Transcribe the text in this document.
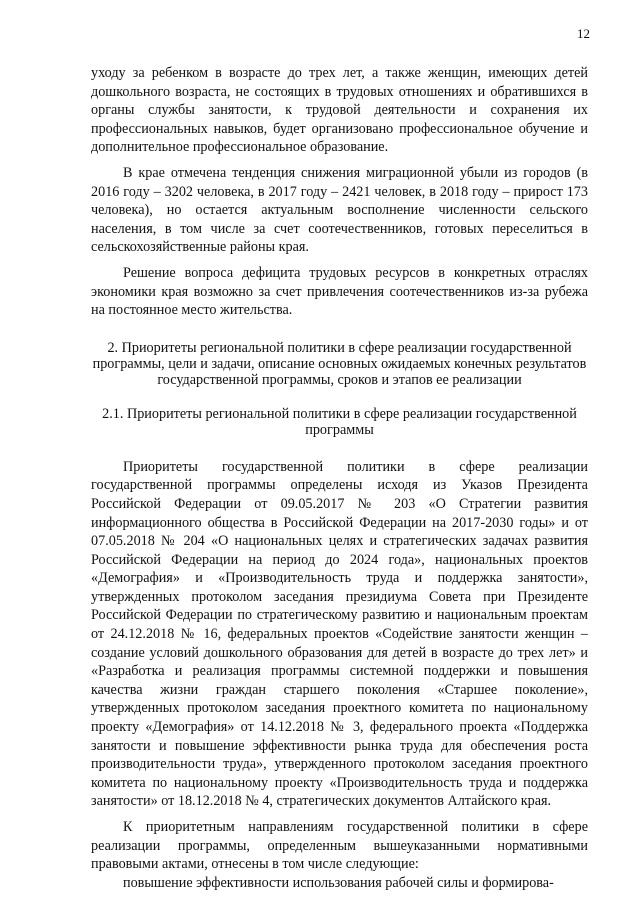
12

уходу за ребенком в возрасте до трех лет, а также женщин, имеющих детей дошкольного возраста, не состоящих в трудовых отношениях и обратившихся в органы службы занятости, к трудовой деятельности и сохранения их профессиональных навыков, будет организовано профессиональное обучение и дополнительное профессиональное образование.

В крае отмечена тенденция снижения миграционной убыли из городов (в 2016 году – 3202 человека, в 2017 году – 2421 человек, в 2018 году – прирост 173 человека), но остается актуальным восполнение численности сельского населения, в том числе за счет соотечественников, готовых переселиться в сельскохозяйственные районы края.

Решение вопроса дефицита трудовых ресурсов в конкретных отраслях экономики края возможно за счет привлечения соотечественников из-за рубежа на постоянное место жительства.

2. Приоритеты региональной политики в сфере реализации государственной программы, цели и задачи, описание основных ожидаемых конечных результатов государственной программы, сроков и этапов ее реализации

2.1. Приоритеты региональной политики в сфере реализации государственной программы

Приоритеты государственной политики в сфере реализации государственной программы определены исходя из Указов Президента Российской Федерации от 09.05.2017 № 203 «О Стратегии развития информационного общества в Российской Федерации на 2017-2030 годы» и от 07.05.2018 № 204 «О национальных целях и стратегических задачах развития Российской Федерации на период до 2024 года», национальных проектов «Демография» и «Производительность труда и поддержка занятости», утвержденных протоколом заседания президиума Совета при Президенте Российской Федерации по стратегическому развитию и национальным проектам от 24.12.2018 № 16, федеральных проектов «Содействие занятости женщин – создание условий дошкольного образования для детей в возрасте до трех лет» и «Разработка и реализация программы системной поддержки и повышения качества жизни граждан старшего поколения «Старшее поколение», утвержденных протоколом заседания проектного комитета по национальному проекту «Демография» от 14.12.2018 № 3, федерального проекта «Поддержка занятости и повышение эффективности рынка труда для обеспечения роста производительности труда», утвержденного протоколом заседания проектного комитета по национальному проекту «Производительность труда и поддержка занятости» от 18.12.2018 № 4, стратегических документов Алтайского края.

К приоритетным направлениям государственной политики в сфере реализации программы, определенным вышеуказанными нормативными правовыми актами, отнесены в том числе следующие:

повышение эффективности использования рабочей силы и формирова-
